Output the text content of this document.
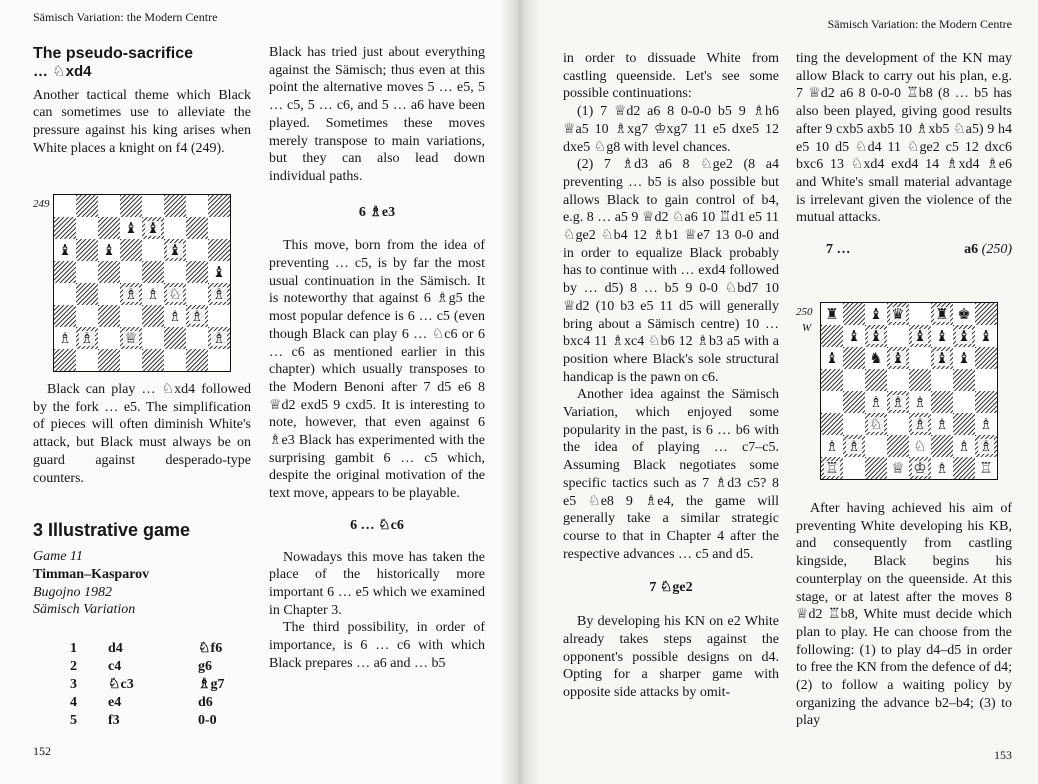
Sämisch Variation: the Modern Centre
The pseudo-sacrifice
… ♘xd4

Another tactical theme which Black can sometimes use to alleviate the pressure against his king arises when White places a knight on f4 (249).

249
♝ ♝
♝ ♝	♝
♝
♗ ♗ ♘ ♗
♗ ♗
♗ ♗ ♕	♗

Black can play … ♘xd4 followed by the fork … e5. The simplification of pieces will often diminish White's attack, but Black must always be on guard against desperado-type counters.

3 Illustrative game

Game 11

Timman–Kasparov

Bugojno 1982

Sämisch Variation

1	d4	♘f6
2	c4	g6
3	♘c3	♗g7
4	e4	d6
5	f3	0-0

Black has tried just about everything against the Sämisch; thus even at this point the alternative moves 5 … e5, 5 … c5, 5 … c6, and 5 … a6 have been played. Sometimes these moves merely transpose to main variations, but they can also lead down individual paths.

6 ♗e3

This move, born from the idea of preventing … c5, is by far the most usual continuation in the Sämisch. It is noteworthy that against 6 ♗g5 the most popular defence is 6 … c5 (even though Black can play 6 … ♘c6 or 6 … c6 as mentioned earlier in this chapter) which usually transposes to the Modern Benoni after 7 d5 e6 8 ♕d2 exd5 9 cxd5. It is interesting to note, however, that even against 6 ♗e3 Black has experimented with the surprising gambit 6 … c5 which, despite the original motivation of the text move, appears to be playable.

6 … ♘c6

Nowadays this move has taken the place of the historically more important 6 … e5 which we examined in Chapter 3.

The third possibility, in order of importance, is 6 … c6 with which Black prepares … a6 and … b5

152
Sämisch Variation: the Modern Centre

in order to dissuade White from castling queenside. Let's see some possible continuations:

(1) 7 ♕d2 a6 8 0-0-0 b5 9 ♗h6 ♕a5 10 ♗xg7 ♔xg7 11 e5 dxe5 12 dxe5 ♘g8 with level chances.

(2) 7 ♗d3 a6 8 ♘ge2 (8 a4 preventing … b5 is also possible but allows Black to gain control of b4, e.g. 8 … a5 9 ♕d2 ♘a6 10 ♖d1 e5 11 ♘ge2 ♘b4 12 ♗b1 ♕e7 13 0-0 and in order to equalize Black probably has to continue with … exd4 followed by … d5) 8 … b5 9 0-0 ♘bd7 10 ♕d2 (10 b3 e5 11 d5 will generally bring about a Sämisch centre) 10 … bxc4 11 ♗xc4 ♘b6 12 ♗b3 a5 with a position where Black's sole structural handicap is the pawn on c6.

Another idea against the Sämisch Variation, which enjoyed some popularity in the past, is 6 … b6 with the idea of playing … c7–c5. Assuming Black negotiates some specific tactics such as 7 ♗d3 c5? 8 e5 ♘e8 9 ♗e4, the game will generally take a similar strategic course to that in Chapter 4 after the respective advances … c5 and d5.

7 ♘ge2

By developing his KN on e2 White already takes steps against the opponent's possible designs on d4. Opting for a sharper game with opposite side attacks by omit-

ting the development of the KN may allow Black to carry out his plan, e.g. 7 ♕d2 a6 8 0-0-0 ♖b8 (8 … b5 has also been played, giving good results after 9 cxb5 axb5 10 ♗xb5 ♘a5) 9 h4 e5 10 d5 ♘d4 11 ♘ge2 c5 12 dxc6 bxc6 13 ♘xd4 exd4 14 ♗xd4 ♗e6 and White's small material advantage is irrelevant given the violence of the mutual attacks.

7 …	a6 (250)
250
W
♜ ♝ ♛ ♜ ♚
♝ ♝ ♝ ♝ ♝ ♝
♝ ♞ ♝ ♝ ♝
♗ ♗ ♗
♘ ♗ ♗ ♗
♗ ♗	♘ ♗ ♗
♖	♕ ♔ ♗ ♖

After having achieved his aim of preventing White developing his KB, and consequently from castling kingside, Black begins his counterplay on the queenside. At this stage, or at latest after the moves 8 ♕d2 ♖b8, White must decide which plan to play. He can choose from the following: (1) to play d4–d5 in order to free the KN from the defence of d4; (2) to follow a waiting policy by organizing the advance b2–b4; (3) to play

153
